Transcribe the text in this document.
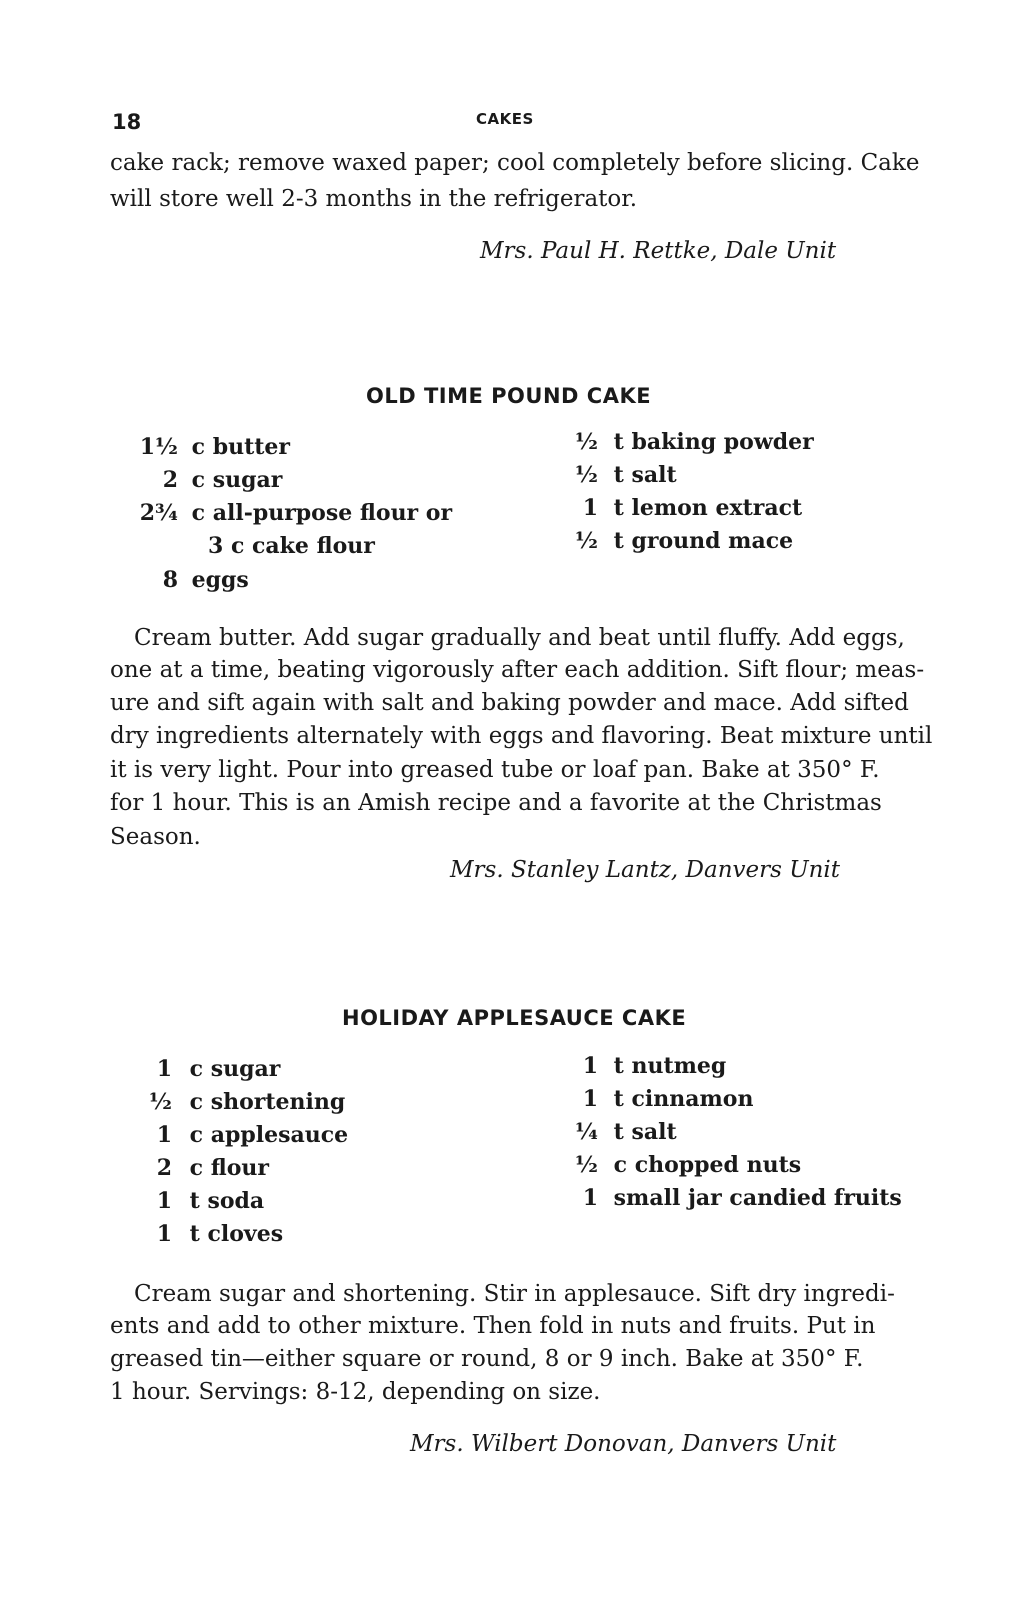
18	CAKES
cake rack; remove waxed paper; cool completely before slicing. Cake
will store well 2-3 months in the refrigerator.
Mrs. Paul H. Rettke, Dale Unit
OLD TIME POUND CAKE
1½ c butter
2 c sugar
2¾ c all-purpose flour or
3 c cake flour
8 eggs
½ t baking powder
½ t salt
1 t lemon extract
½ t ground mace
Cream butter. Add sugar gradually and beat until fluffy. Add eggs,
one at a time, beating vigorously after each addition. Sift flour; meas-
ure and sift again with salt and baking powder and mace. Add sifted
dry ingredients alternately with eggs and flavoring. Beat mixture until
it is very light. Pour into greased tube or loaf pan. Bake at 350° F.
for 1 hour. This is an Amish recipe and a favorite at the Christmas
Season.
Mrs. Stanley Lantz, Danvers Unit
HOLIDAY APPLESAUCE CAKE
1 c sugar
½ c shortening
1 c applesauce
2 c flour
1 t soda
1 t cloves
1 t nutmeg
1 t cinnamon
¼ t salt
½ c chopped nuts
1 small jar candied fruits
Cream sugar and shortening. Stir in applesauce. Sift dry ingredi-
ents and add to other mixture. Then fold in nuts and fruits. Put in
greased tin—either square or round, 8 or 9 inch. Bake at 350° F.
1 hour. Servings: 8-12, depending on size.
Mrs. Wilbert Donovan, Danvers Unit
